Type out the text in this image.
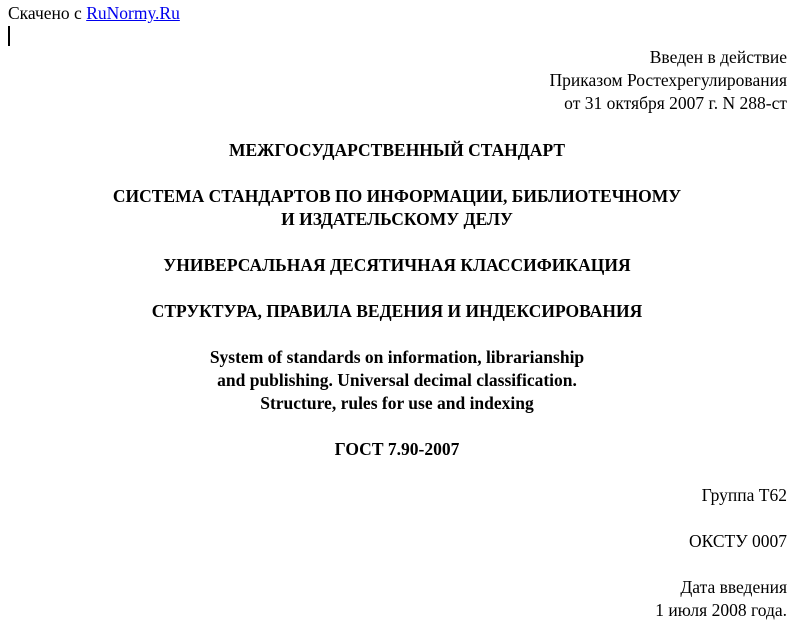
Скачено с RuNormy.Ru
Введен в действие
Приказом Ростехрегулирования
от 31 октября 2007 г. N 288-ст
МЕЖГОСУДАРСТВЕННЫЙ СТАНДАРТ
СИСТЕМА СТАНДАРТОВ ПО ИНФОРМАЦИИ, БИБЛИОТЕЧНОМУ
И ИЗДАТЕЛЬСКОМУ ДЕЛУ
УНИВЕРСАЛЬНАЯ ДЕСЯТИЧНАЯ КЛАССИФИКАЦИЯ
СТРУКТУРА, ПРАВИЛА ВЕДЕНИЯ И ИНДЕКСИРОВАНИЯ
System of standards on information, librarianship
and publishing. Universal decimal classification.
Structure, rules for use and indexing
ГОСТ 7.90-2007
Группа Т62
ОКСТУ 0007
Дата введения
1 июля 2008 года.
